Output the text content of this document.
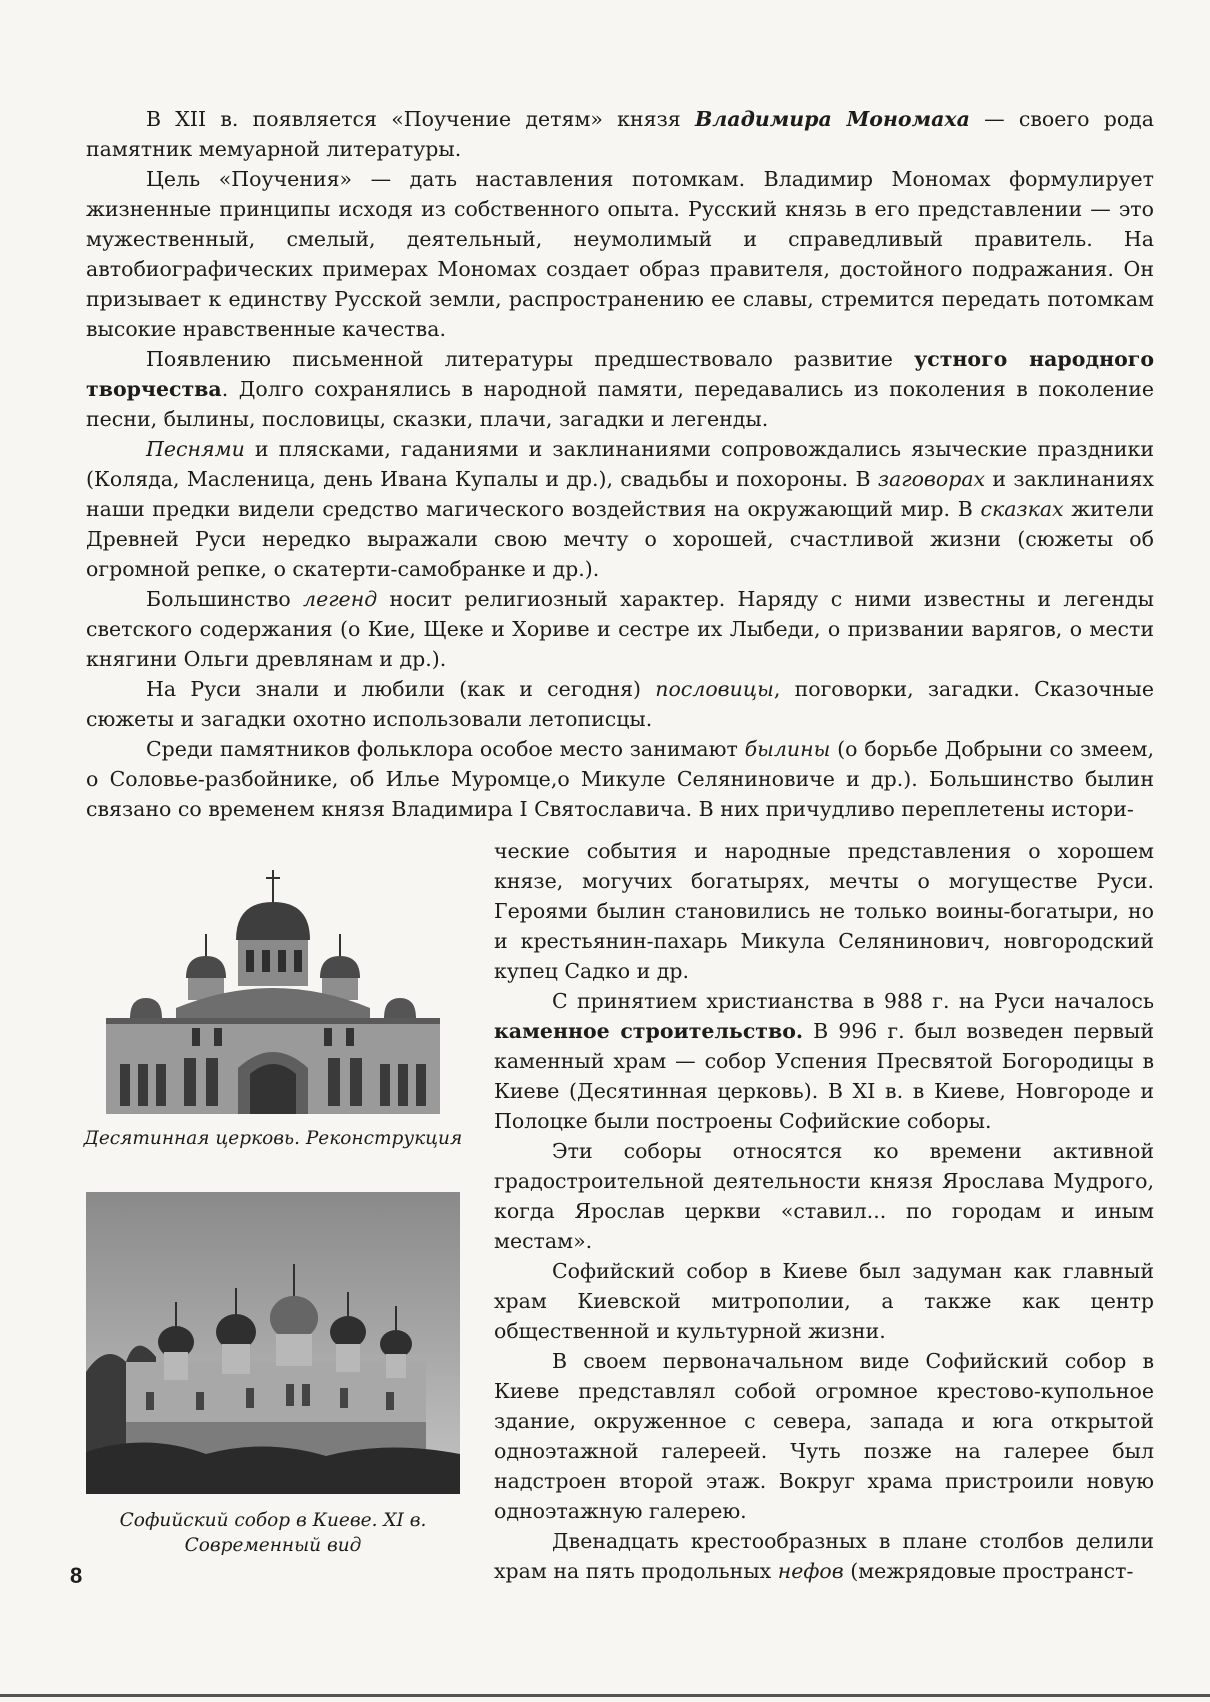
В XII в. появляется «Поучение детям» князя Владимира Мономаха — своего рода памятник мемуарной литературы.

Цель «Поучения» — дать наставления потомкам. Владимир Мономах формулирует жизненные принципы исходя из собственного опыта. Русский князь в его представлении — это мужественный, смелый, деятельный, неумолимый и справедливый правитель. На автобиографических примерах Мономах создает образ правителя, достойного подражания. Он призывает к единству Русской земли, распространению ее славы, стремится передать потомкам высокие нравственные качества.

Появлению письменной литературы предшествовало развитие устного народного творчества. Долго сохранялись в народной памяти, передавались из поколения в поколение песни, былины, пословицы, сказки, плачи, загадки и легенды.

Песнями и плясками, гаданиями и заклинаниями сопровождались языческие праздники (Коляда, Масленица, день Ивана Купалы и др.), свадьбы и похороны. В заговорах и заклинаниях наши предки видели средство магического воздействия на окружающий мир. В сказках жители Древней Руси нередко выражали свою мечту о хорошей, счастливой жизни (сюжеты об огромной репке, о скатерти-самобранке и др.).

Большинство легенд носит религиозный характер. Наряду с ними известны и легенды светского содержания (о Кие, Щеке и Хориве и сестре их Лыбеди, о призвании варягов, о мести княгини Ольги древлянам и др.).

На Руси знали и любили (как и сегодня) пословицы, поговорки, загадки. Сказочные сюжеты и загадки охотно использовали летописцы.

Среди памятников фольклора особое место занимают былины (о борьбе Добрыни со змеем, о Соловье-разбойнике, об Илье Муромце,о Микуле Селяниновиче и др.). Большинство былин связано со временем князя Владимира I Святославича. В них причудливо переплетены истори-

ческие события и народные представления о хорошем князе, могучих богатырях, мечты о могуществе Руси. Героями былин становились не только воины-богатыри, но и крестьянин-пахарь Микула Селянинович, новгородский купец Садко и др.

С принятием христианства в 988 г. на Руси началось каменное строительство. В 996 г. был возведен первый каменный храм — собор Успения Пресвятой Богородицы в Киеве (Десятинная церковь). В XI в. в Киеве, Новгороде и Полоцке были построены Софийские соборы.

Эти соборы относятся ко времени активной градостроительной деятельности князя Ярослава Мудрого, когда Ярослав церкви «ставил... по городам и иным местам».

Софийский собор в Киеве был задуман как главный храм Киевской митрополии, а также как центр общественной и культурной жизни.

В своем первоначальном виде Софийский собор в Киеве представлял собой огромное крестово-купольное здание, окруженное с севера, запада и юга открытой одноэтажной галереей. Чуть позже на галерее был надстроен второй этаж. Вокруг храма пристроили новую одноэтажную галерею.

Двенадцать крестообразных в плане столбов делили храм на пять продольных нефов (межрядовые пространст-

Десятинная церковь. Реконструкция
Софийский собор в Киеве. XI в.
Современный вид
8
